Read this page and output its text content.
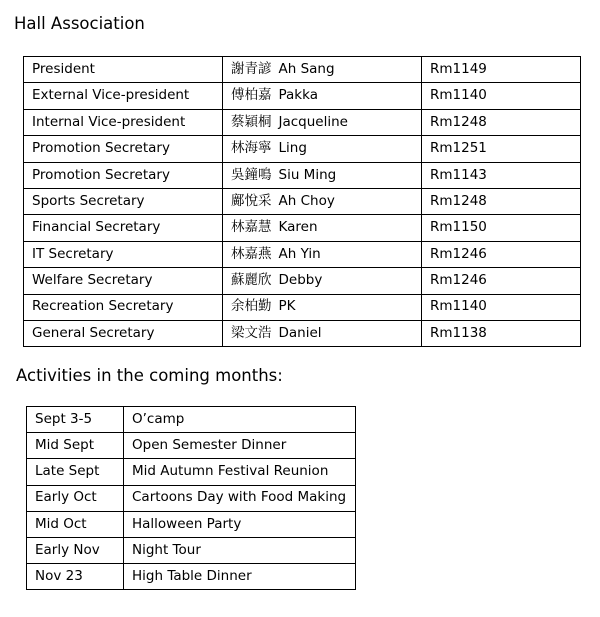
Hall Association
President	謝青諺 Ah Sang	Rm1149
External Vice-president	傅柏嘉 Pakka	Rm1140
Internal Vice-president	蔡穎桐 Jacqueline	Rm1248
Promotion Secretary	林海寧 Ling	Rm1251
Promotion Secretary	吳鐘鳴 Siu Ming	Rm1143
Sports Secretary	鄺悅采 Ah Choy	Rm1248
Financial Secretary	林嘉慧 Karen	Rm1150
IT Secretary	林嘉燕 Ah Yin	Rm1246
Welfare Secretary	蘇麗欣 Debby	Rm1246
Recreation Secretary	余柏勤 PK	Rm1140
General Secretary	梁文浩 Daniel	Rm1138
Activities in the coming months:
Sept 3-5	O’camp
Mid Sept	Open Semester Dinner
Late Sept	Mid Autumn Festival Reunion
Early Oct	Cartoons Day with Food Making
Mid Oct	Halloween Party
Early Nov	Night Tour
Nov 23	High Table Dinner
